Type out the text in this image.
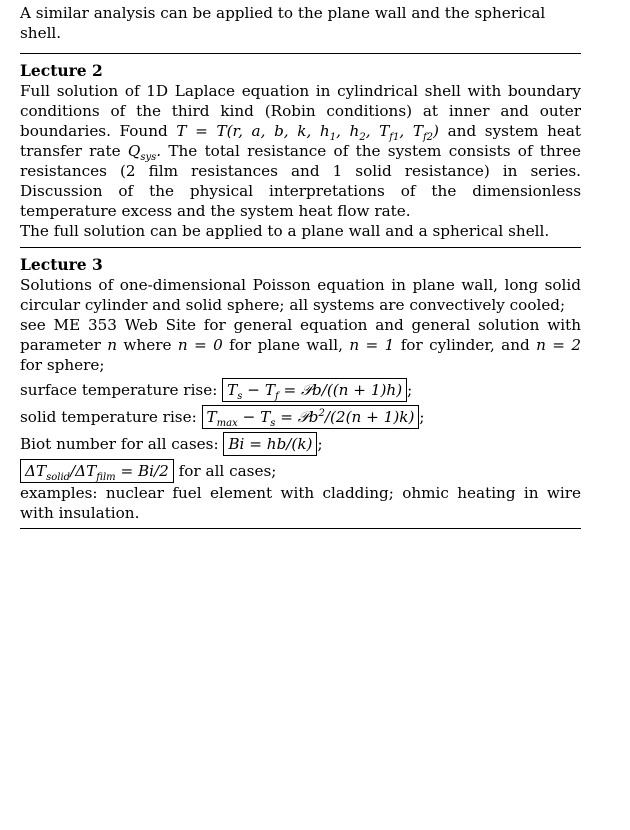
A similar analysis can be applied to the plane wall and the spherical shell.

Lecture 2

Full solution of 1D Laplace equation in cylindrical shell with boundary conditions of the third kind (Robin conditions) at inner and outer boundaries. Found T = T(r, a, b, k, $h_1$, $h_2$, $T_{f1}$, $T_{f2}$) and system heat transfer rate $Q_{sys}$. The total resistance of the system consists of three resistances (2 film resistances and 1 solid resistance) in series. Discussion of the physical interpretations of the dimensionless temperature excess and the system heat flow rate.

The full solution can be applied to a plane wall and a spherical shell.

Lecture 3

Solutions of one-dimensional Poisson equation in plane wall, long solid circular cylinder and solid sphere; all systems are convectively cooled;

see ME 353 Web Site for general equation and general solution with parameter n where n = 0 for plane wall, n = 1 for cylinder, and n = 2 for sphere;

surface temperature rise: $T_s - T_f$ = 𝒫b/((n + 1)h) ;

solid temperature rise: $T_{max} - T_s$ = 𝒫b$^2$/(2(n + 1)k) ;

Biot number for all cases: Bi = hb/(k) ;

$\Delta T_{solid}/\Delta T_{film} = Bi/2$ for all cases;

examples: nuclear fuel element with cladding; ohmic heating in wire with insulation.
